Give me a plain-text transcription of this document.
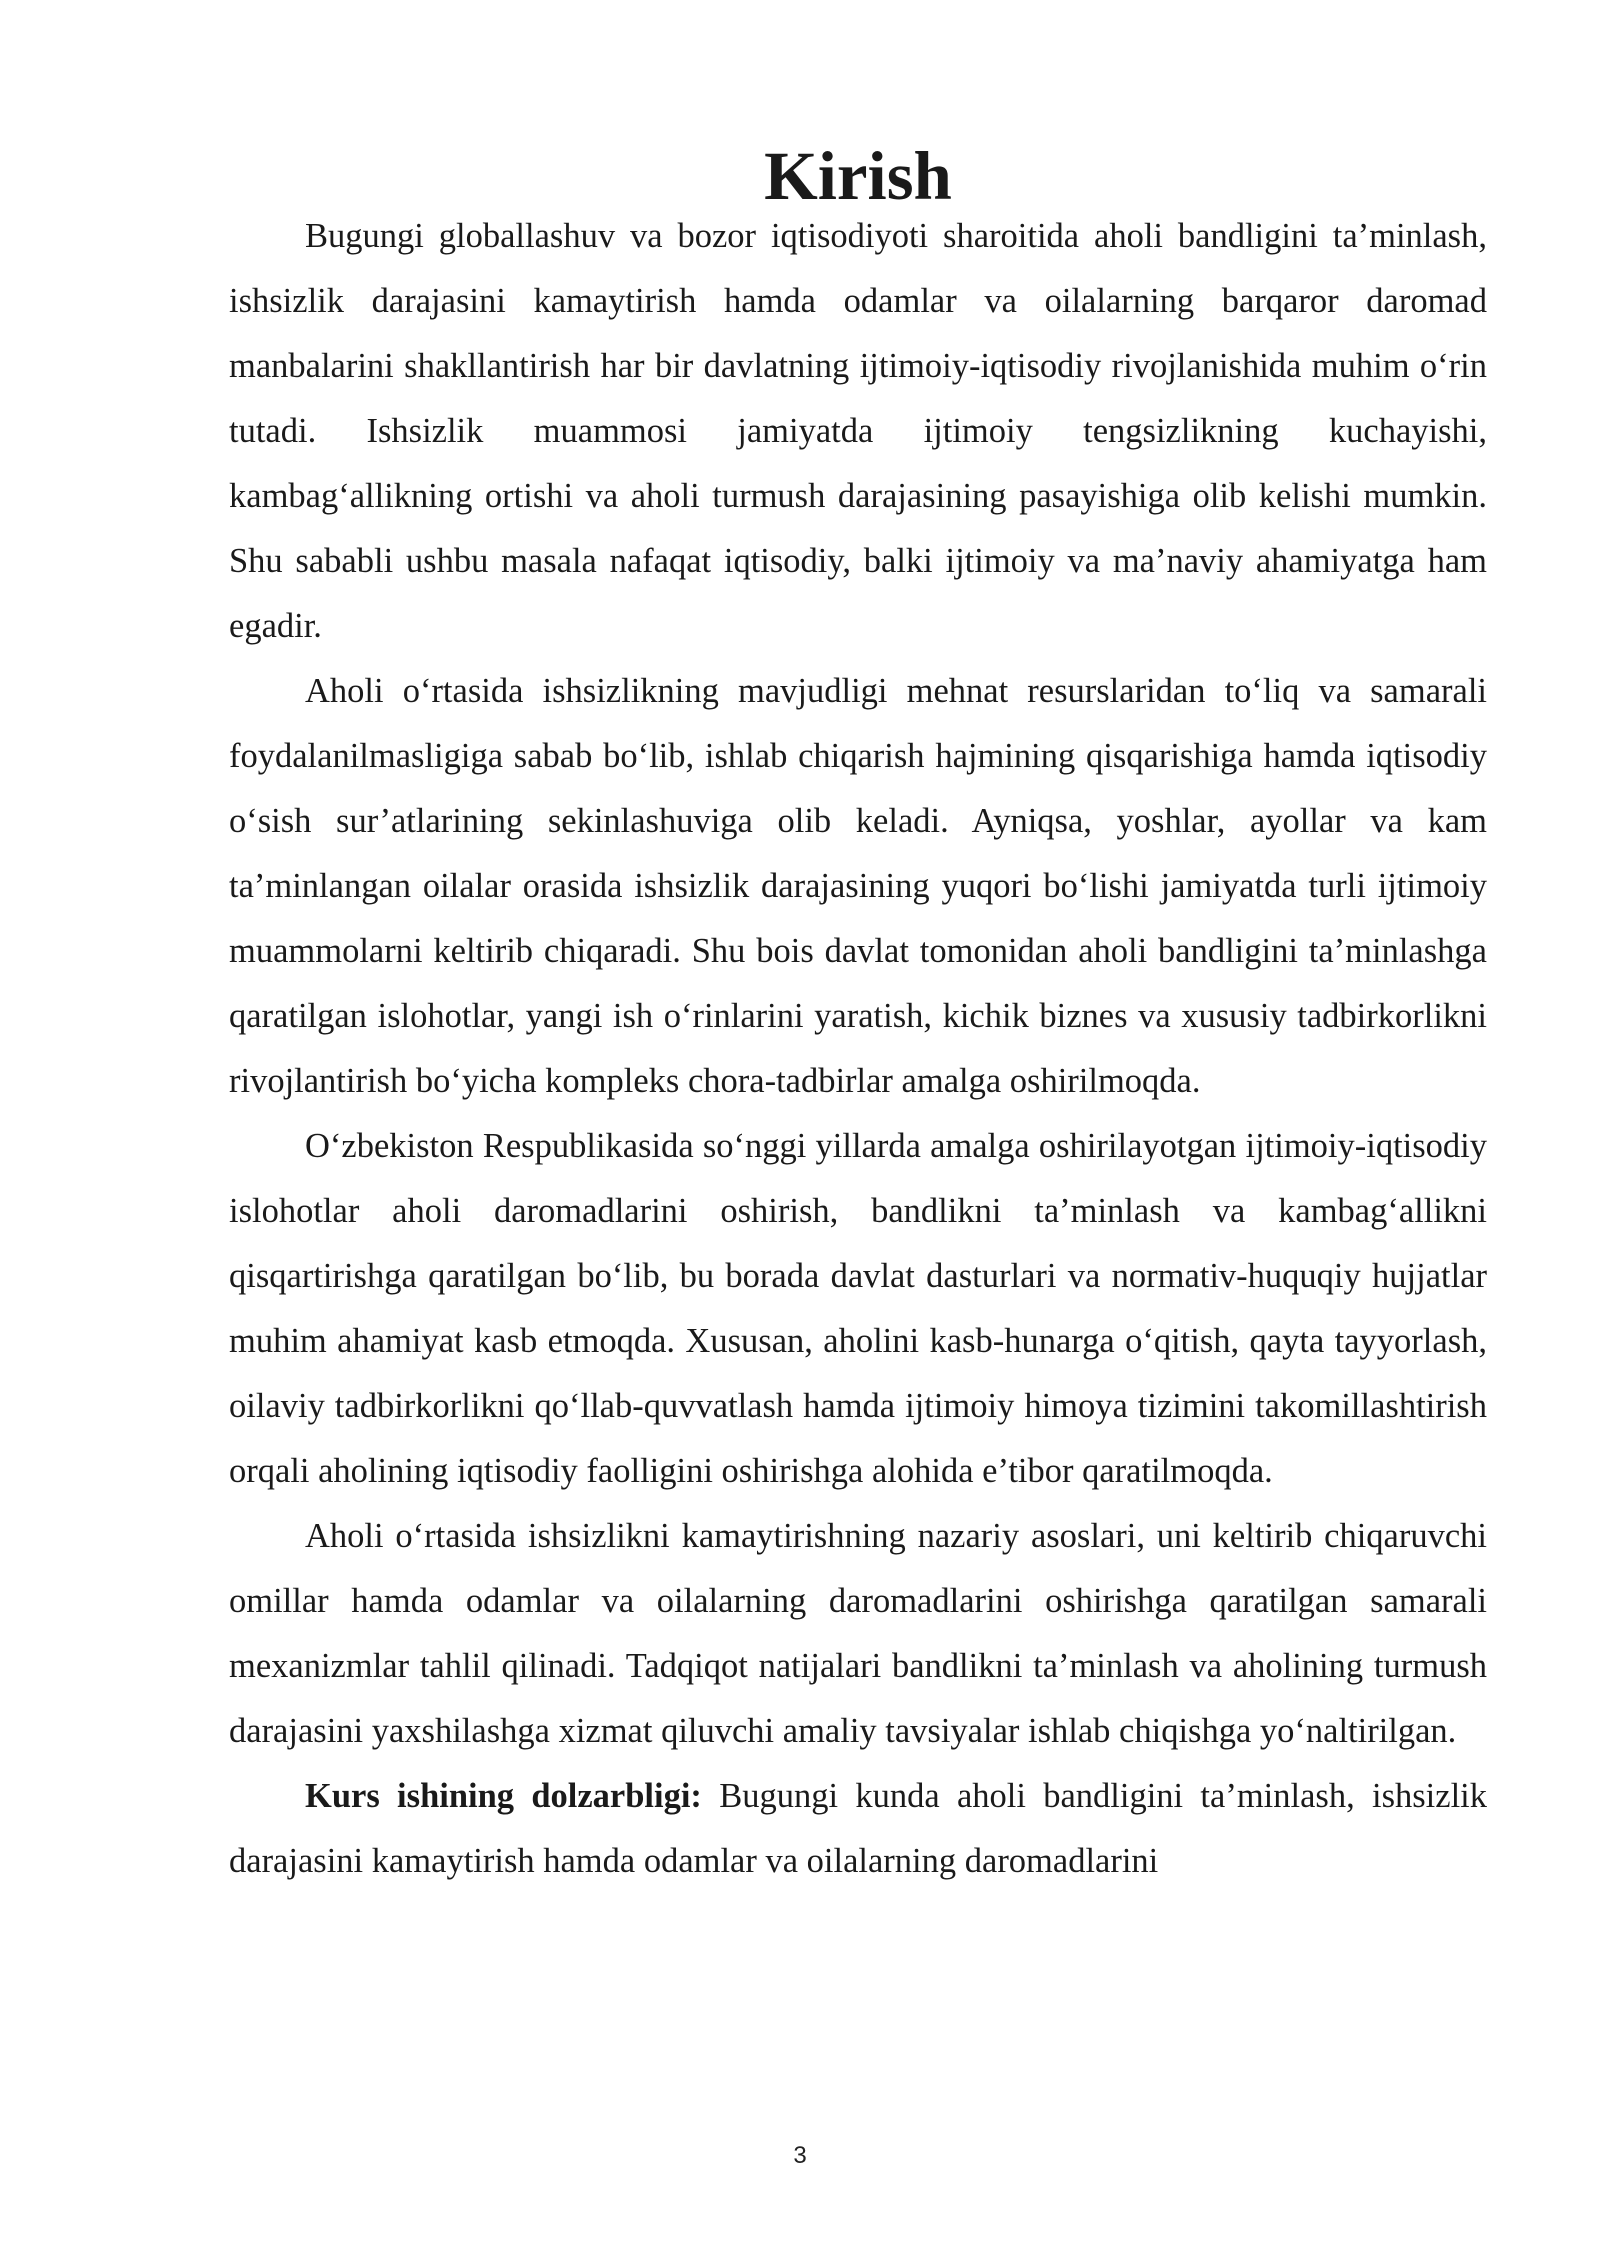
Kirish

Bugungi globallashuv va bozor iqtisodiyoti sharoitida aholi bandligini ta’minlash, ishsizlik darajasini kamaytirish hamda odamlar va oilalarning barqaror daromad manbalarini shakllantirish har bir davlatning ijtimoiy-iqtisodiy rivojlanishida muhim o‘rin tutadi. Ishsizlik muammosi jamiyatda ijtimoiy tengsizlikning kuchayishi, kambag‘allikning ortishi va aholi turmush darajasining pasayishiga olib kelishi mumkin. Shu sababli ushbu masala nafaqat iqtisodiy, balki ijtimoiy va ma’naviy ahamiyatga ham egadir.

Aholi o‘rtasida ishsizlikning mavjudligi mehnat resurslaridan to‘liq va samarali foydalanilmasligiga sabab bo‘lib, ishlab chiqarish hajmining qisqarishiga hamda iqtisodiy o‘sish sur’atlarining sekinlashuviga olib keladi. Ayniqsa, yoshlar, ayollar va kam ta’minlangan oilalar orasida ishsizlik darajasining yuqori bo‘lishi jamiyatda turli ijtimoiy muammolarni keltirib chiqaradi. Shu bois davlat tomonidan aholi bandligini ta’minlashga qaratilgan islohotlar, yangi ish o‘rinlarini yaratish, kichik biznes va xususiy tadbirkorlikni rivojlantirish bo‘yicha kompleks chora-tadbirlar amalga oshirilmoqda.

O‘zbekiston Respublikasida so‘nggi yillarda amalga oshirilayotgan ijtimoiy-iqtisodiy islohotlar aholi daromadlarini oshirish, bandlikni ta’minlash va kambag‘allikni qisqartirishga qaratilgan bo‘lib, bu borada davlat dasturlari va normativ-huquqiy hujjatlar muhim ahamiyat kasb etmoqda. Xususan, aholini kasb-hunarga o‘qitish, qayta tayyorlash, oilaviy tadbirkorlikni qo‘llab-quvvatlash hamda ijtimoiy himoya tizimini takomillashtirish orqali aholining iqtisodiy faolligini oshirishga alohida e’tibor qaratilmoqda.

Aholi o‘rtasida ishsizlikni kamaytirishning nazariy asoslari, uni keltirib chiqaruvchi omillar hamda odamlar va oilalarning daromadlarini oshirishga qaratilgan samarali mexanizmlar tahlil qilinadi. Tadqiqot natijalari bandlikni ta’minlash va aholining turmush darajasini yaxshilashga xizmat qiluvchi amaliy tavsiyalar ishlab chiqishga yo‘naltirilgan.

Kurs ishining dolzarbligi: Bugungi kunda aholi bandligini ta’minlash, ishsizlik darajasini kamaytirish hamda odamlar va oilalarning daromadlarini

3
